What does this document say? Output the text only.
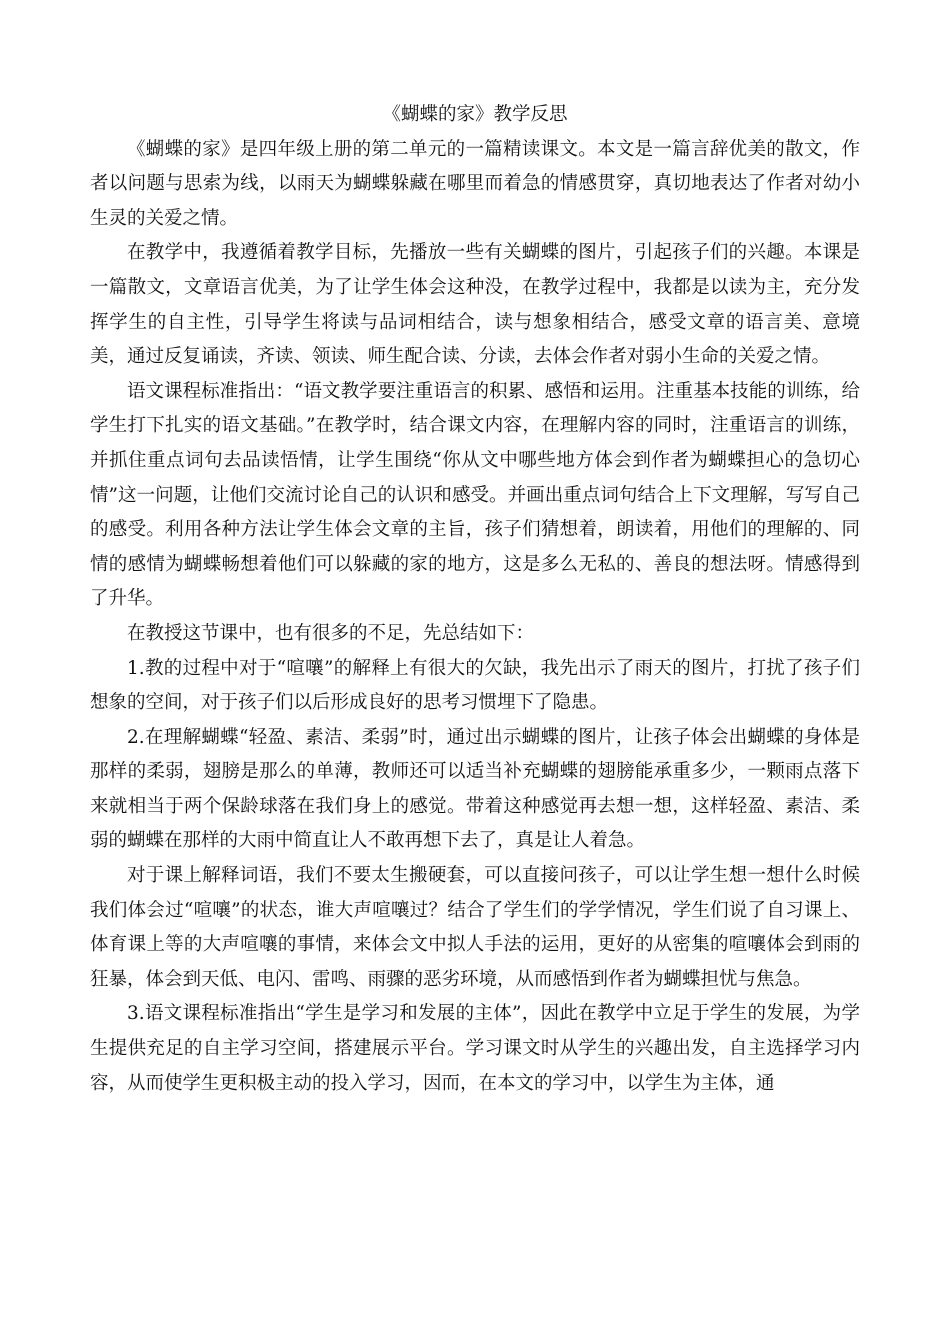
《蝴蝶的家》教学反思

《蝴蝶的家》是四年级上册的第二单元的一篇精读课文。本文是一篇言辞优美的散文，作者以问题与思索为线，以雨天为蝴蝶躲藏在哪里而着急的情感贯穿，真切地表达了作者对幼小生灵的关爱之情。

在教学中，我遵循着教学目标，先播放一些有关蝴蝶的图片，引起孩子们的兴趣。本课是一篇散文，文章语言优美，为了让学生体会这种没，在教学过程中，我都是以读为主，充分发挥学生的自主性，引导学生将读与品词相结合，读与想象相结合，感受文章的语言美、意境美，通过反复诵读，齐读、领读、师生配合读、分读，去体会作者对弱小生命的关爱之情。

语文课程标准指出：“语文教学要注重语言的积累、感悟和运用。注重基本技能的训练，给学生打下扎实的语文基础。”在教学时，结合课文内容，在理解内容的同时，注重语言的训练，并抓住重点词句去品读悟情，让学生围绕“你从文中哪些地方体会到作者为蝴蝶担心的急切心情”这一问题，让他们交流讨论自己的认识和感受。并画出重点词句结合上下文理解，写写自己的感受。利用各种方法让学生体会文章的主旨，孩子们猜想着，朗读着，用他们的理解的、同情的感情为蝴蝶畅想着他们可以躲藏的家的地方，这是多么无私的、善良的想法呀。情感得到了升华。

在教授这节课中，也有很多的不足，先总结如下：

1.教的过程中对于“喧嚷”的解释上有很大的欠缺，我先出示了雨天的图片，打扰了孩子们想象的空间，对于孩子们以后形成良好的思考习惯埋下了隐患。

2.在理解蝴蝶“轻盈、素洁、柔弱”时，通过出示蝴蝶的图片，让孩子体会出蝴蝶的身体是那样的柔弱，翅膀是那么的单薄，教师还可以适当补充蝴蝶的翅膀能承重多少，一颗雨点落下来就相当于两个保龄球落在我们身上的感觉。带着这种感觉再去想一想，这样轻盈、素洁、柔弱的蝴蝶在那样的大雨中简直让人不敢再想下去了，真是让人着急。

对于课上解释词语，我们不要太生搬硬套，可以直接问孩子，可以让学生想一想什么时候我们体会过“喧嚷”的状态，谁大声喧嚷过？结合了学生们的学学情况，学生们说了自习课上、体育课上等的大声喧嚷的事情，来体会文中拟人手法的运用，更好的从密集的喧嚷体会到雨的狂暴，体会到天低、电闪、雷鸣、雨骤的恶劣环境，从而感悟到作者为蝴蝶担忧与焦急。

3.语文课程标准指出“学生是学习和发展的主体”，因此在教学中立足于学生的发展，为学生提供充足的自主学习空间，搭建展示平台。学习课文时从学生的兴趣出发，自主选择学习内容，从而使学生更积极主动的投入学习，因而，在本文的学习中，以学生为主体，通
